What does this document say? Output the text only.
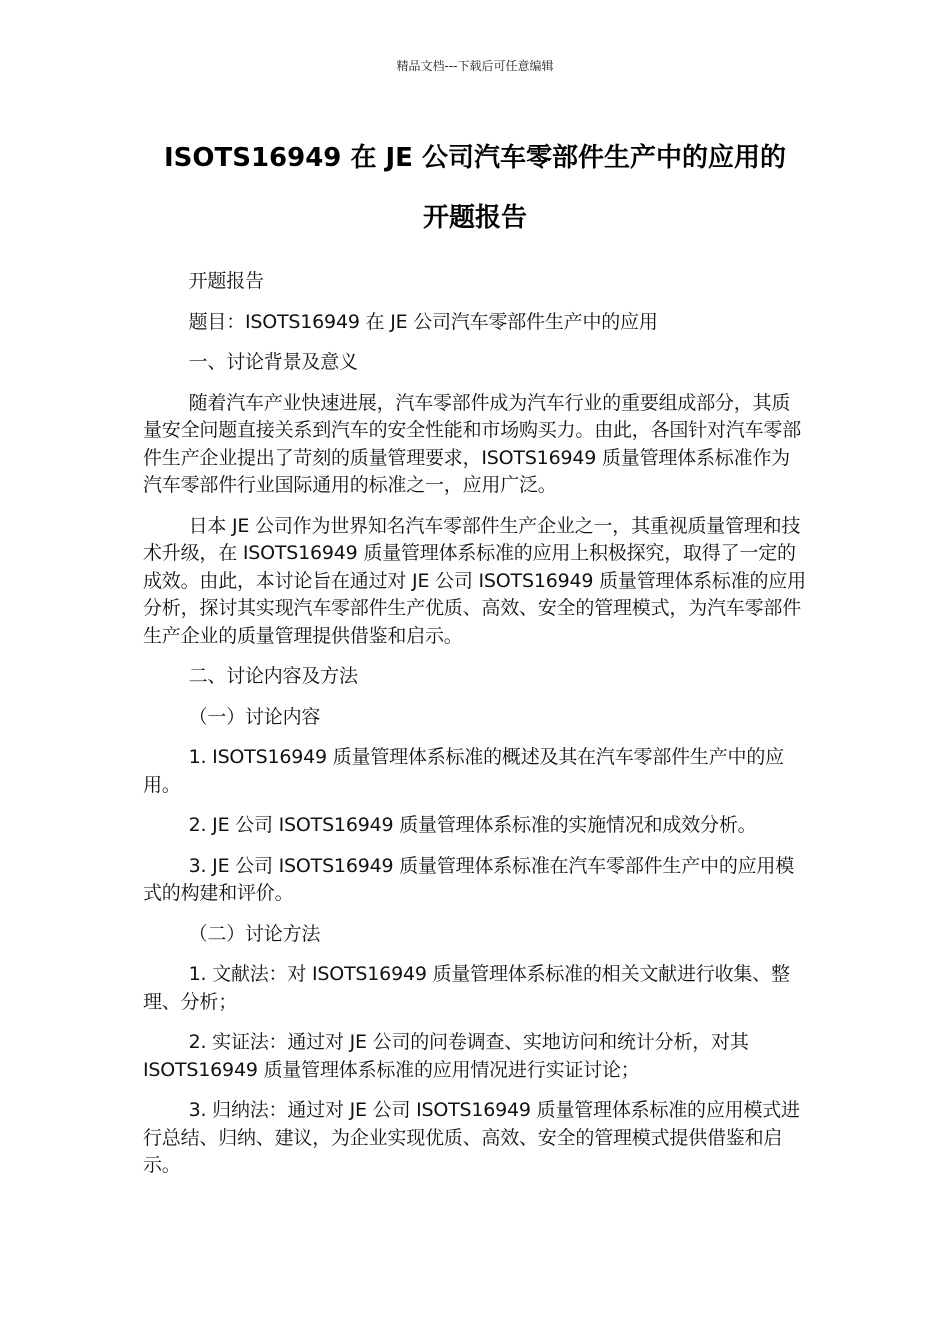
精品文档---下载后可任意编辑
ISOTS16949 在 JE 公司汽车零部件生产中的应用的
开题报告

开题报告

题目：ISOTS16949 在 JE 公司汽车零部件生产中的应用

一、讨论背景及意义

随着汽车产业快速进展，汽车零部件成为汽车行业的重要组成部分，其质量安全问题直接关系到汽车的安全性能和市场购买力。由此，各国针对汽车零部件生产企业提出了苛刻的质量管理要求，ISOTS16949 质量管理体系标准作为汽车零部件行业国际通用的标准之一，应用广泛。

日本 JE 公司作为世界知名汽车零部件生产企业之一，其重视质量管理和技术升级，在 ISOTS16949 质量管理体系标准的应用上积极探究，取得了一定的成效。由此，本讨论旨在通过对 JE 公司 ISOTS16949 质量管理体系标准的应用分析，探讨其实现汽车零部件生产优质、高效、安全的管理模式，为汽车零部件生产企业的质量管理提供借鉴和启示。

二、讨论内容及方法

（一）讨论内容

1. ISOTS16949 质量管理体系标准的概述及其在汽车零部件生产中的应用。

2. JE 公司 ISOTS16949 质量管理体系标准的实施情况和成效分析。

3. JE 公司 ISOTS16949 质量管理体系标准在汽车零部件生产中的应用模式的构建和评价。

（二）讨论方法

1. 文献法：对 ISOTS16949 质量管理体系标准的相关文献进行收集、整理、分析；

2. 实证法：通过对 JE 公司的问卷调查、实地访问和统计分析，对其 ISOTS16949 质量管理体系标准的应用情况进行实证讨论；

3. 归纳法：通过对 JE 公司 ISOTS16949 质量管理体系标准的应用模式进行总结、归纳、建议，为企业实现优质、高效、安全的管理模式提供借鉴和启示。
